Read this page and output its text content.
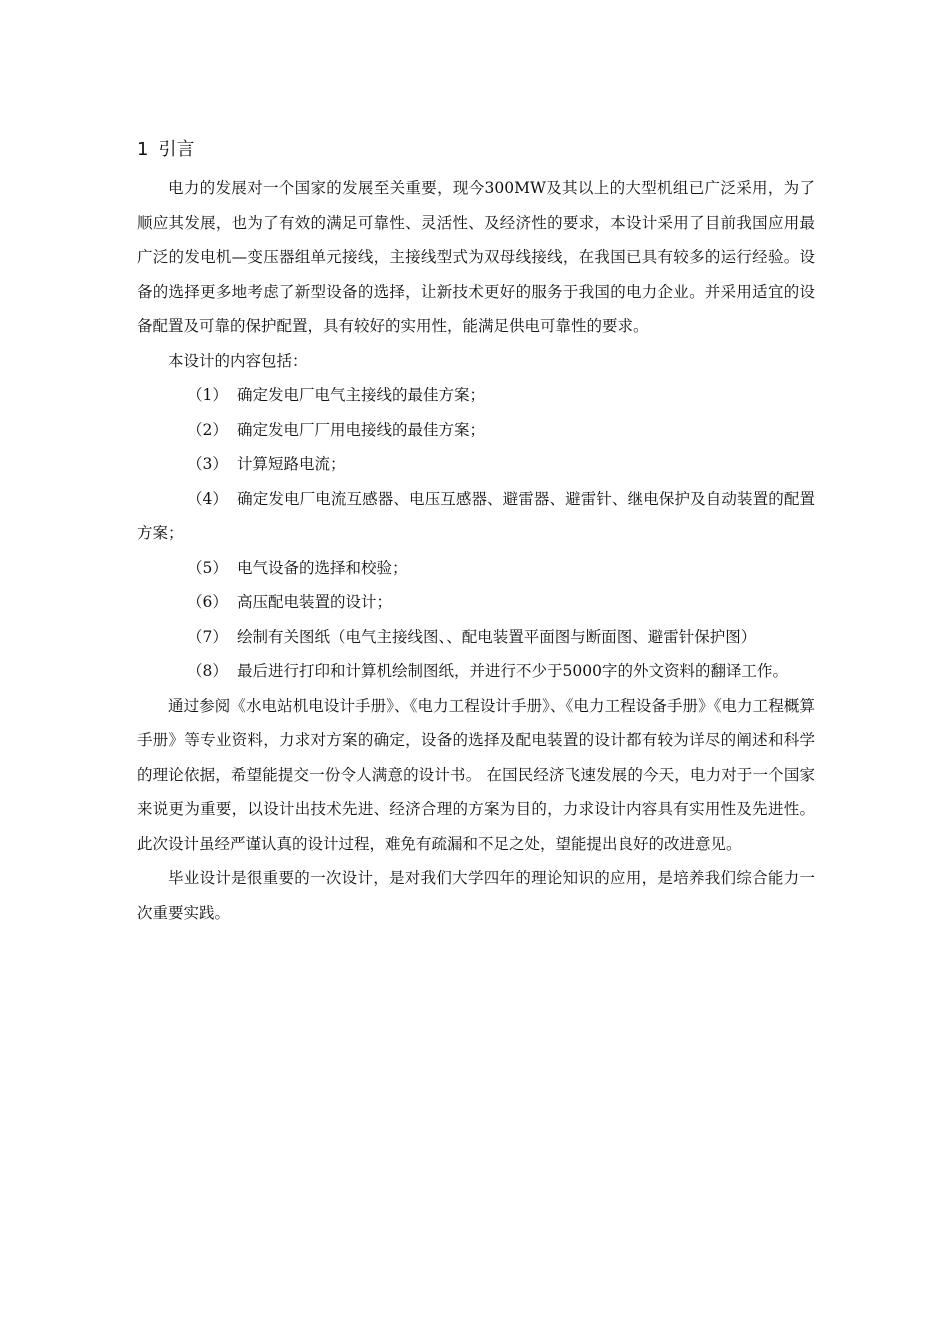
1 引言

电力的发展对一个国家的发展至关重要，现今300MW及其以上的大型机组已广泛采用，为了顺应其发展，也为了有效的满足可靠性、灵活性、及经济性的要求，本设计采用了目前我国应用最广泛的发电机—变压器组单元接线，主接线型式为双母线接线，在我国已具有较多的运行经验。设备的选择更多地考虑了新型设备的选择，让新技术更好的服务于我国的电力企业。并采用适宜的设备配置及可靠的保护配置，具有较好的实用性，能满足供电可靠性的要求。

本设计的内容包括：

（1） 确定发电厂电气主接线的最佳方案；

（2） 确定发电厂厂用电接线的最佳方案；

（3） 计算短路电流；

（4） 确定发电厂电流互感器、电压互感器、避雷器、避雷针、继电保护及自动装置的配置方案；

（5） 电气设备的选择和校验；

（6） 高压配电装置的设计；

（7） 绘制有关图纸（电气主接线图、、配电装置平面图与断面图、避雷针保护图）

（8） 最后进行打印和计算机绘制图纸，并进行不少于5000字的外文资料的翻译工作。

通过参阅《水电站机电设计手册》、《电力工程设计手册》、《电力工程设备手册》《电力工程概算手册》等专业资料，力求对方案的确定，设备的选择及配电装置的设计都有较为详尽的阐述和科学的理论依据，希望能提交一份令人满意的设计书。 在国民经济飞速发展的今天，电力对于一个国家来说更为重要，以设计出技术先进、经济合理的方案为目的，力求设计内容具有实用性及先进性。此次设计虽经严谨认真的设计过程，难免有疏漏和不足之处，望能提出良好的改进意见。

毕业设计是很重要的一次设计，是对我们大学四年的理论知识的应用，是培养我们综合能力一次重要实践。
